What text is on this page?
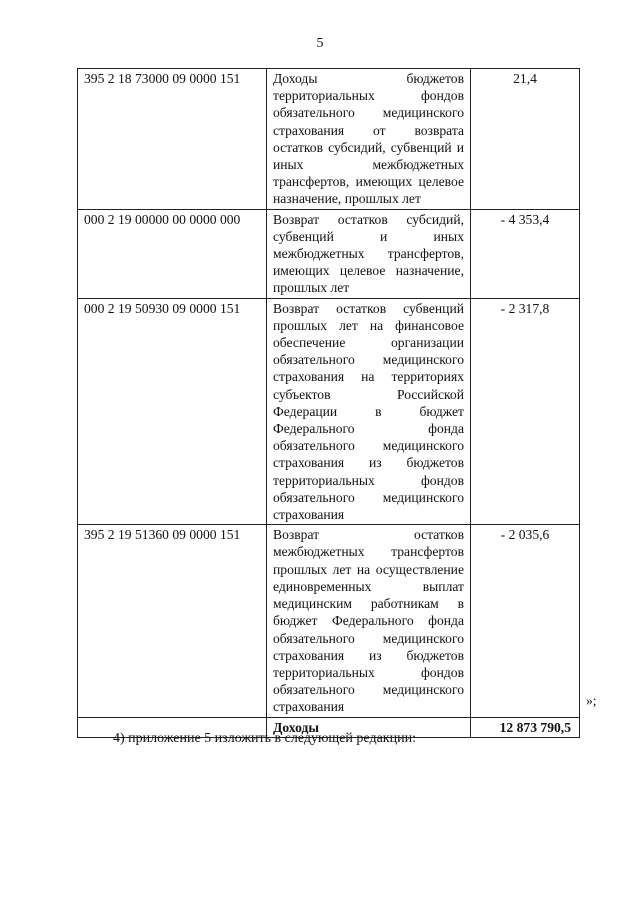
5
395 2 18 73000 09 0000 151	Доходы бюджетов территориальных фондов обязательного медицинского страхования от возврата остатков субсидий, субвенций и иных межбюджетных трансфертов, имеющих целевое назначение, прошлых лет	21,4
000 2 19 00000 00 0000 000	Возврат остатков субсидий, субвенций и иных межбюджетных трансфертов, имеющих целевое назначение, прошлых лет	- 4 353,4
000 2 19 50930 09 0000 151	Возврат остатков субвенций прошлых лет на финансовое обеспечение организации обязательного медицинского страхования на территориях субъектов Российской Федерации в бюджет Федерального фонда обязательного медицинского страхования из бюджетов территориальных фондов обязательного медицинского страхования	- 2 317,8
395 2 19 51360 09 0000 151	Возврат остатков межбюджетных трансфертов прошлых лет на осуществление единовременных выплат медицинским работникам в бюджет Федерального фонда обязательного медицинского страхования из бюджетов территориальных фондов обязательного медицинского страхования	- 2 035,6
	Доходы	12 873 790,5
»;
4) приложение 5 изложить в следующей редакции:
